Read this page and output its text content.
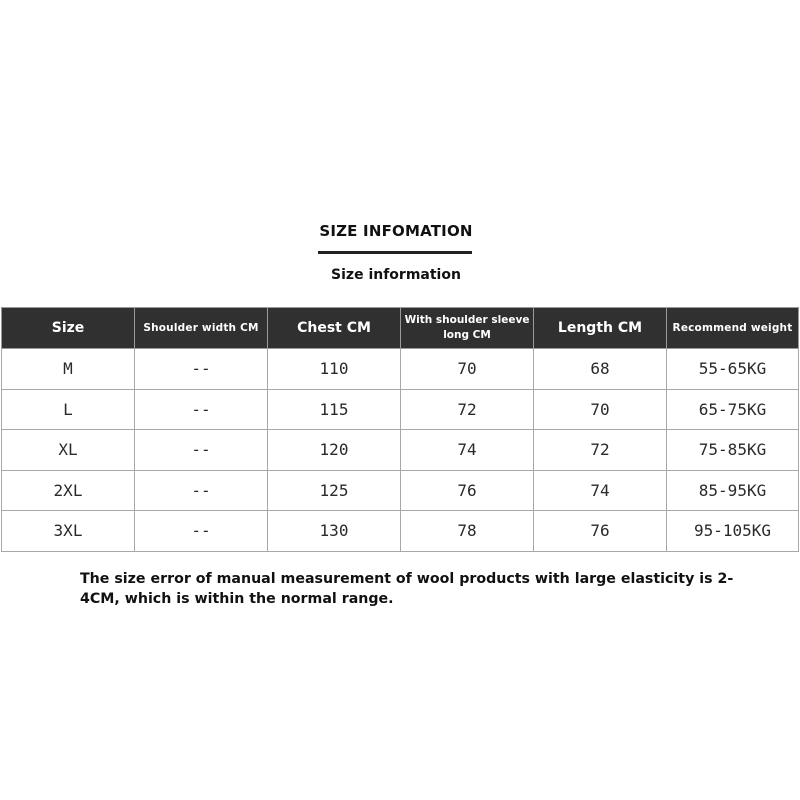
SIZE INFOMATION
Size information
Size	Shoulder width CM	Chest CM	With shoulder sleeve long CM	Length CM	Recommend weight
M	--	110	70	68	55-65KG
L	--	115	72	70	65-75KG
XL	--	120	74	72	75-85KG
2XL	--	125	76	74	85-95KG
3XL	--	130	78	76	95-105KG
The size error of manual measurement of wool products with large elasticity is 2-4CM, which is within the normal range.
